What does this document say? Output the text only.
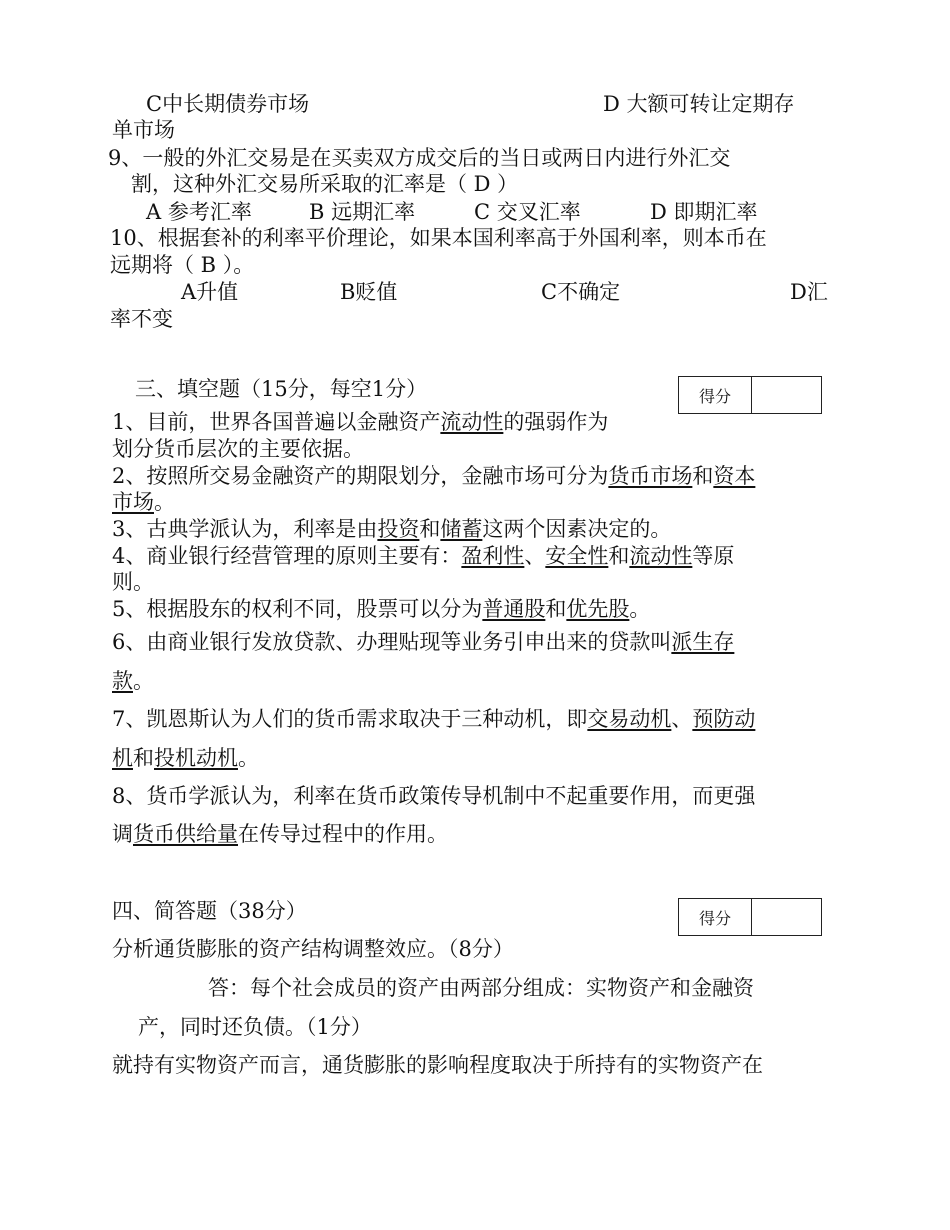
C中长期债券市场	D 大额可转让定期存
单市场
9、一般的外汇交易是在买卖双方成交后的当日或两日内进行外汇交
割，这种外汇交易所采取的汇率是（ D ）
A 参考汇率	B 远期汇率	C 交叉汇率	D 即期汇率
10、根据套补的利率平价理论，如果本国利率高于外国利率，则本币在
远期将（ B ）。
A升值	B贬值	C不确定	D汇
率不变
三、填空题（15分，每空1分）	得分
1、目前，世界各国普遍以金融资产流动性的强弱作为
划分货币层次的主要依据。
2、按照所交易金融资产的期限划分，金融市场可分为货币市场和资本
市场。
3、古典学派认为，利率是由投资和储蓄这两个因素决定的。
4、商业银行经营管理的原则主要有：盈利性、安全性和流动性等原
则。
5、根据股东的权利不同，股票可以分为普通股和优先股。
6、由商业银行发放贷款、办理贴现等业务引申出来的贷款叫派生存
款。
7、凯恩斯认为人们的货币需求取决于三种动机，即交易动机、预防动
机和投机动机。
8、货币学派认为，利率在货币政策传导机制中不起重要作用，而更强
调货币供给量在传导过程中的作用。
四、简答题（38分）	得分
分析通货膨胀的资产结构调整效应。（8分）
答：每个社会成员的资产由两部分组成：实物资产和金融资
产，同时还负债。（1分）
就持有实物资产而言，通货膨胀的影响程度取决于所持有的实物资产在
